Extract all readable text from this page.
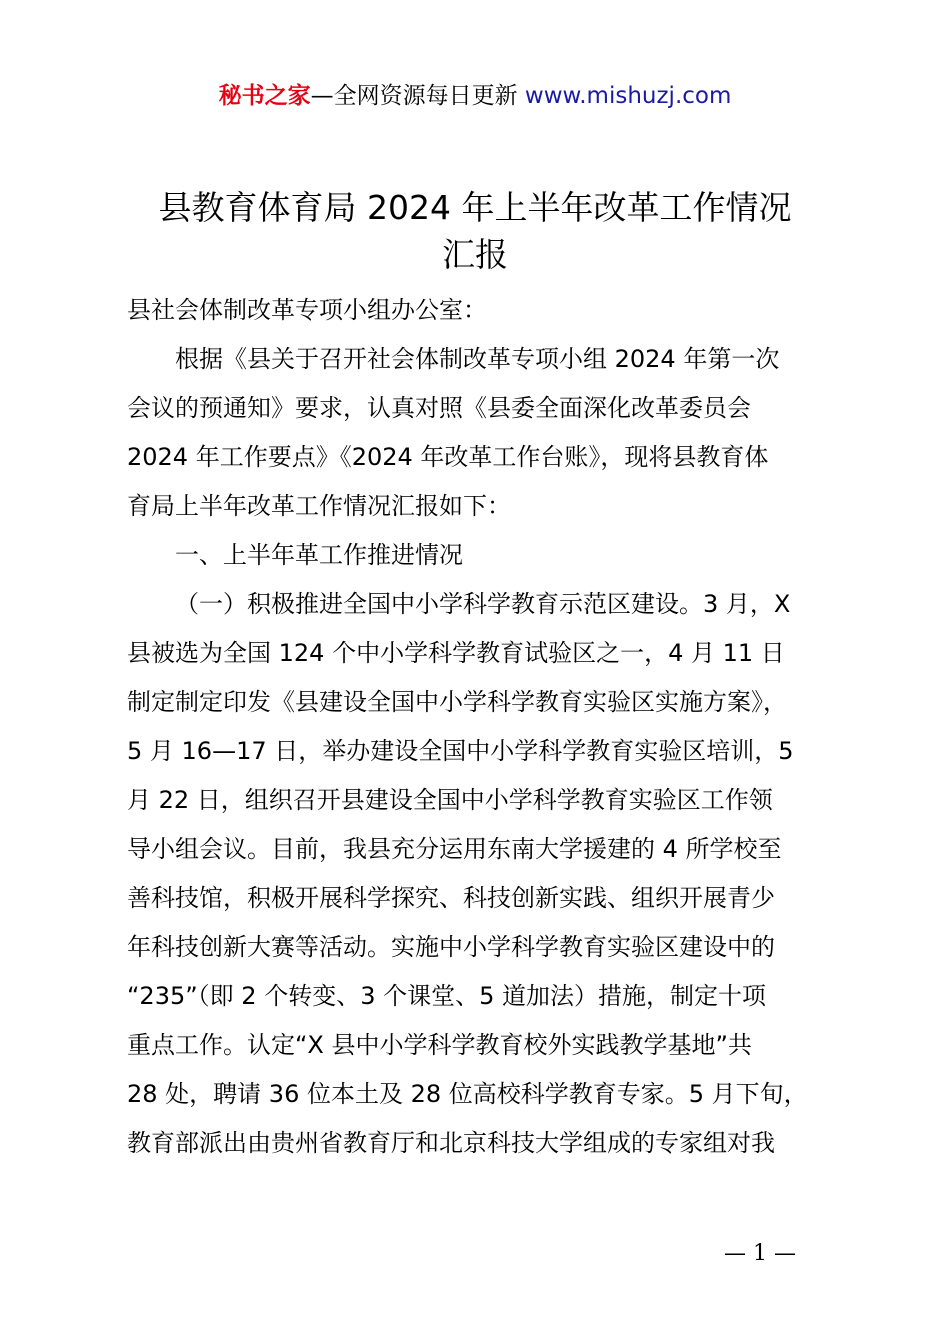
秘书之家—全网资源每日更新 www.mishuzj.com
县教育体育局 2024 年上半年改革工作情况
汇报
县社会体制改革专项小组办公室：
根据《县关于召开社会体制改革专项小组 2024 年第一次
会议的预通知》要求，认真对照《县委全面深化改革委员会
2024 年工作要点》《2024 年改革工作台账》，现将县教育体
育局上半年改革工作情况汇报如下：
一、上半年革工作推进情况
（一）积极推进全国中小学科学教育示范区建设。3 月，X
县被选为全国 124 个中小学科学教育试验区之一，4 月 11 日
制定制定印发《县建设全国中小学科学教育实验区实施方案》，
5 月 16—17 日，举办建设全国中小学科学教育实验区培训，5
月 22 日，组织召开县建设全国中小学科学教育实验区工作领
导小组会议。目前，我县充分运用东南大学援建的 4 所学校至
善科技馆，积极开展科学探究、科技创新实践、组织开展青少
年科技创新大赛等活动。实施中小学科学教育实验区建设中的
“235”（即 2 个转变、3 个课堂、5 道加法）措施，制定十项
重点工作。认定“X 县中小学科学教育校外实践教学基地”共
28 处，聘请 36 位本土及 28 位高校科学教育专家。5 月下旬，
教育部派出由贵州省教育厅和北京科技大学组成的专家组对我
— 1 —
